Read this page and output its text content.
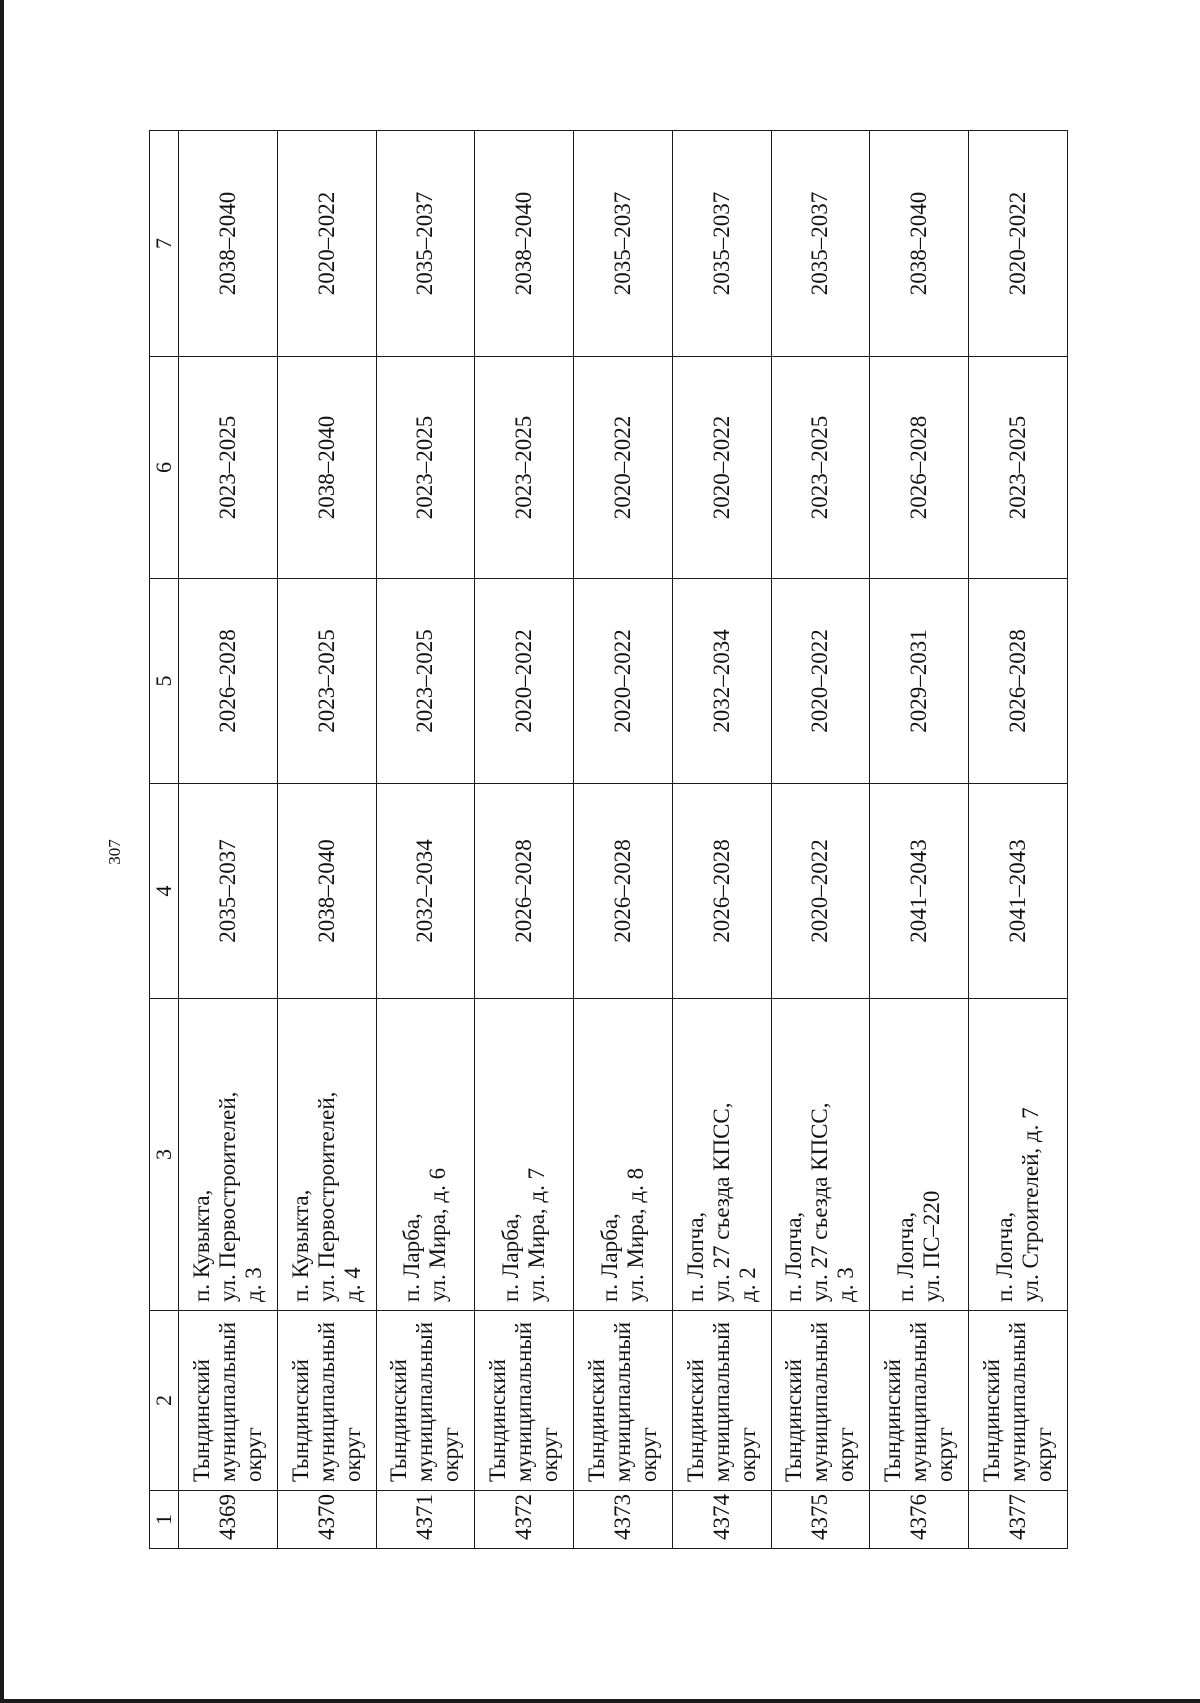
307
1	2	3	4	5	6	7

4369	Тындинский муниципальный округ	п. Кувыкта, ул. Первостроителей, д. 3	2035–2037	2026–2028	2023–2025	2038–2040

4370	Тындинский муниципальный округ	п. Кувыкта, ул. Первостроителей, д. 4	2038–2040	2023–2025	2038–2040	2020–2022

4371	Тындинский муниципальный округ	п. Ларба, ул. Мира, д. 6	2032–2034	2023–2025	2023–2025	2035–2037

4372	Тындинский муниципальный округ	п. Ларба, ул. Мира, д. 7	2026–2028	2020–2022	2023–2025	2038–2040

4373	Тындинский муниципальный округ	п. Ларба, ул. Мира, д. 8	2026–2028	2020–2022	2020–2022	2035–2037

4374	Тындинский муниципальный округ	п. Лопча, ул. 27 съезда КПСС, д. 2	2026–2028	2032–2034	2020–2022	2035–2037

4375	Тындинский муниципальный округ	п. Лопча, ул. 27 съезда КПСС, д. 3	2020–2022	2020–2022	2023–2025	2035–2037

4376	Тындинский муниципальный округ	п. Лопча, ул. ПС–220	2041–2043	2029–2031	2026–2028	2038–2040

4377	Тындинский муниципальный округ	п. Лопча, ул. Строителей, д. 7	2041–2043	2026–2028	2023–2025	2020–2022
